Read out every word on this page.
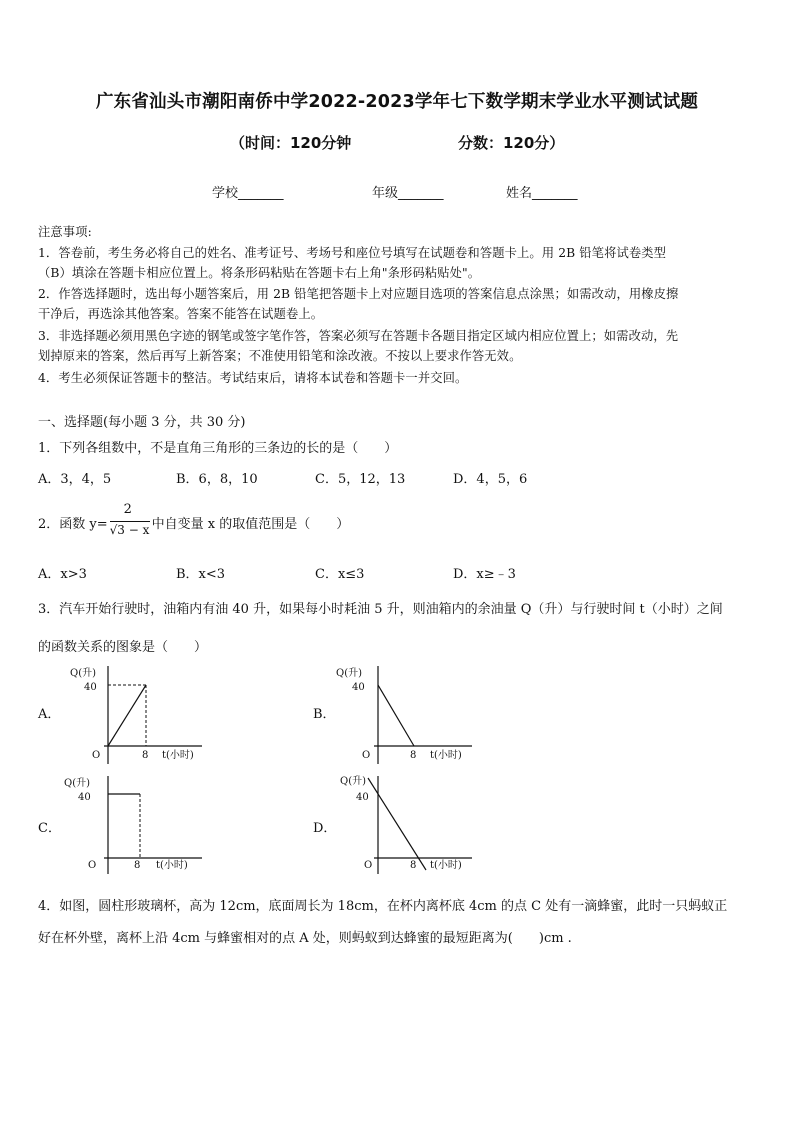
广东省汕头市潮阳南侨中学2022-2023学年七下数学期末学业水平测试试题
（时间：120分钟	分数：120分）
学校_______	年级_______	姓名_______
注意事项:
1．答卷前，考生务必将自己的姓名、准考证号、考场号和座位号填写在试题卷和答题卡上。用 2B 铅笔将试卷类型
（B）填涂在答题卡相应位置上。将条形码粘贴在答题卡右上角"条形码粘贴处"。
2．作答选择题时，选出每小题答案后，用 2B 铅笔把答题卡上对应题目选项的答案信息点涂黑；如需改动，用橡皮擦
干净后，再选涂其他答案。答案不能答在试题卷上。
3．非选择题必须用黑色字迹的钢笔或签字笔作答，答案必须写在答题卡各题目指定区域内相应位置上；如需改动，先
划掉原来的答案，然后再写上新答案；不准使用铅笔和涂改液。不按以上要求作答无效。
4．考生必须保证答题卡的整洁。考试结束后，请将本试卷和答题卡一并交回。
一、选择题(每小题 3 分，共 30 分)
1．下列各组数中，不是直角三角形的三条边的长的是（　　）
A．3，4，5	B．6，8，10	C．5，12，13	D．4，5，6
2．函数 $y= \frac{2}{√3 - x}$ 中自变量 x 的取值范围是（　　）
A．x>3	B．x<3	C．x≤3	D．x≥﹣3
3．汽车开始行驶时，油箱内有油 40 升，如果每小时耗油 5 升，则油箱内的余油量 Q（升）与行驶时间 t（小时）之间
的函数关系的图象是（　　）
A．	B．
C．	D．
Q(升)
40
O	8 t(小时)
Q(升)
40
O	8 t(小时)
Q(升)
40
O	8 t(小时)
Q(升)
40
O	8 t(小时)
4．如图，圆柱形玻璃杯，高为 12cm，底面周长为 18cm，在杯内离杯底 4cm 的点 C 处有一滴蜂蜜，此时一只蚂蚁正
好在杯外壁，离杯上沿 4cm 与蜂蜜相对的点 A 处，则蚂蚁到达蜂蜜的最短距离为(　　)cm .
